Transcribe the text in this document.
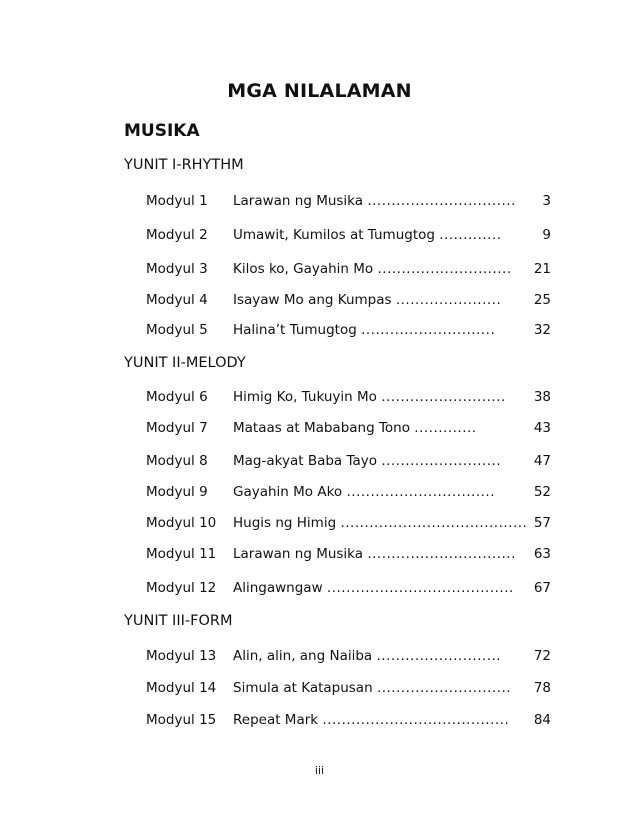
MGA NILALAMAN
MUSIKA
YUNIT I-RHYTHM
Modyul 1 Larawan ng Musika ............................... 3
Modyul 2 Umawit, Kumilos at Tumugtog .............	9
Modyul 3 Kilos ko, Gayahin Mo ............................ 21
Modyul 4 Isayaw Mo ang Kumpas ...................... 25
Modyul 5 Halina’t Tumugtog ............................	32
YUNIT II-MELODY
Modyul 6 Himig Ko, Tukuyin Mo .......................... 38
Modyul 7 Mataas at Mababang Tono .............	43
Modyul 8 Mag-akyat Baba Tayo ......................... 47
Modyul 9 Gayahin Mo Ako ...............................	52
Modyul 10 Hugis ng Himig ....................................... 57
Modyul 11 Larawan ng Musika ............................... 63
Modyul 12 Alingawngaw ....................................... 67
YUNIT III-FORM
Modyul 13 Alin, alin, ang Naiiba .......................... 72
Modyul 14 Simula at Katapusan ............................ 78
Modyul 15 Repeat Mark ....................................... 84
iii
